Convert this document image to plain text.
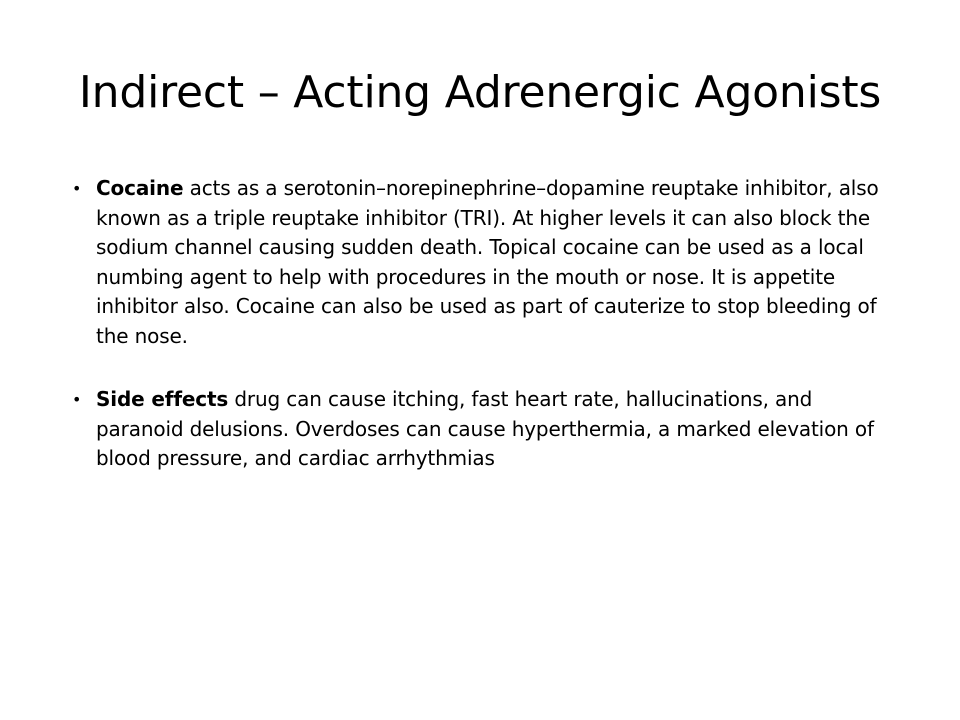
Indirect – Acting Adrenergic Agonists
• Cocaine acts as a serotonin–norepinephrine–dopamine reuptake inhibitor, also known as a triple reuptake inhibitor (TRI). At higher levels it can also block the sodium channel causing sudden death. Topical cocaine can be used as a local numbing agent to help with procedures in the mouth or nose. It is appetite inhibitor also. Cocaine can also be used as part of cauterize to stop bleeding of the nose.
• Side effects drug can cause itching, fast heart rate, hallucinations, and paranoid delusions. Overdoses can cause hyperthermia, a marked elevation of blood pressure, and cardiac arrhythmias
